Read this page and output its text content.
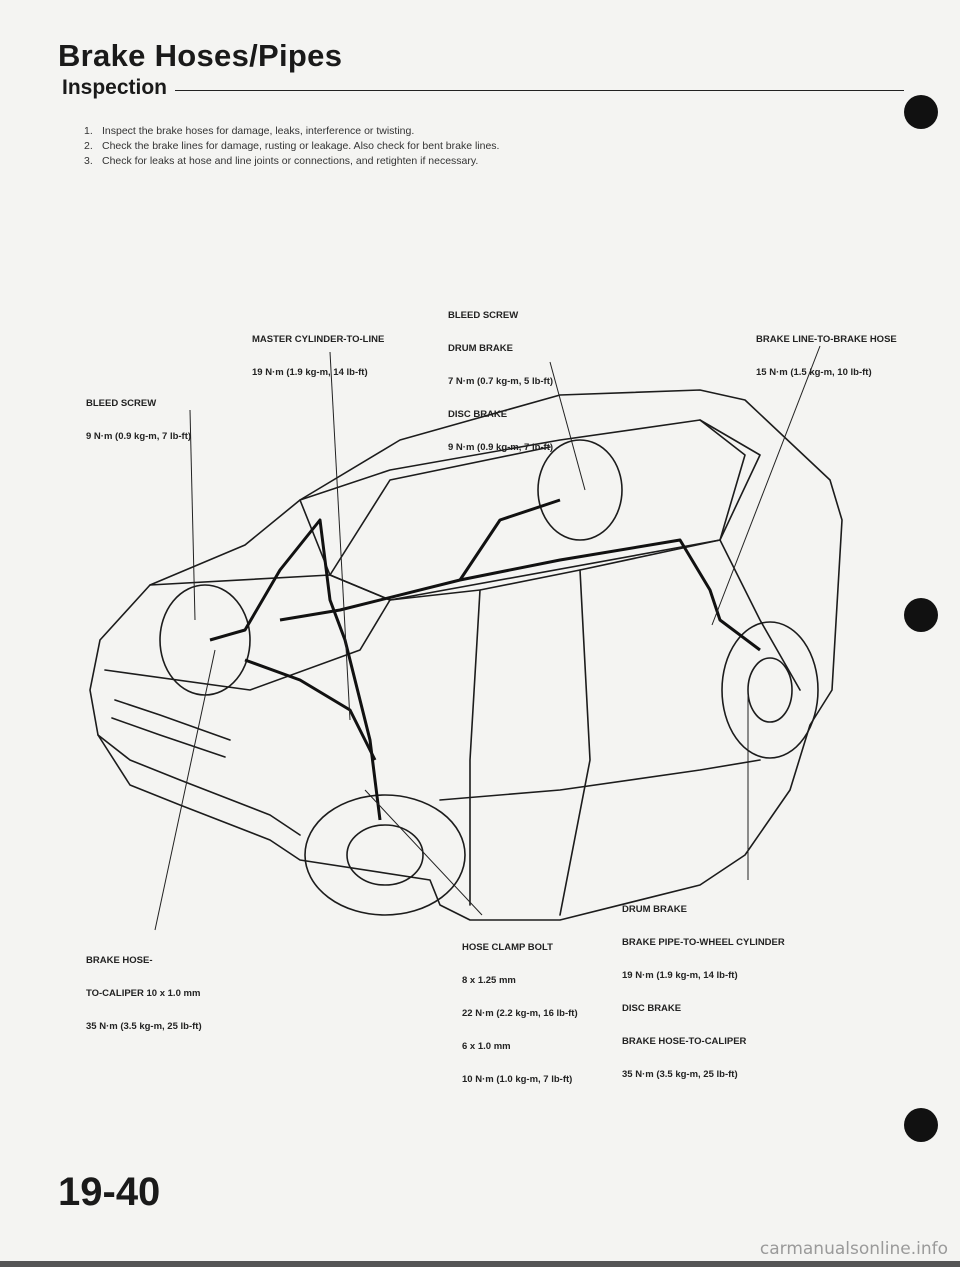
Brake Hoses/Pipes
Inspection
1. Inspect the brake hoses for damage, leaks, interference or twisting.
2. Check the brake lines for damage, rusting or leakage. Also check for bent brake lines.
3. Check for leaks at hose and line joints or connections, and retighten if necessary.

MASTER CYLINDER-TO-LINE

19 N·m (1.9 kg-m, 14 lb-ft)

BLEED SCREW

DRUM BRAKE

7 N·m (0.7 kg-m, 5 lb-ft)

DISC BRAKE

9 N·m (0.9 kg-m, 7 lb-ft)

BRAKE LINE-TO-BRAKE HOSE

15 N·m (1.5 kg-m, 10 lb-ft)

BLEED SCREW

9 N·m (0.9 kg-m, 7 lb-ft)

BRAKE HOSE-

TO-CALIPER 10 x 1.0 mm

35 N·m (3.5 kg-m, 25 lb-ft)

HOSE CLAMP BOLT

8 x 1.25 mm

22 N·m (2.2 kg-m, 16 lb-ft)

6 x 1.0 mm

10 N·m (1.0 kg-m, 7 lb-ft)

DRUM BRAKE

BRAKE PIPE-TO-WHEEL CYLINDER

19 N·m (1.9 kg-m, 14 lb-ft)

DISC BRAKE

BRAKE HOSE-TO-CALIPER

35 N·m (3.5 kg-m, 25 lb-ft)

19-40

carmanualsonline.info
